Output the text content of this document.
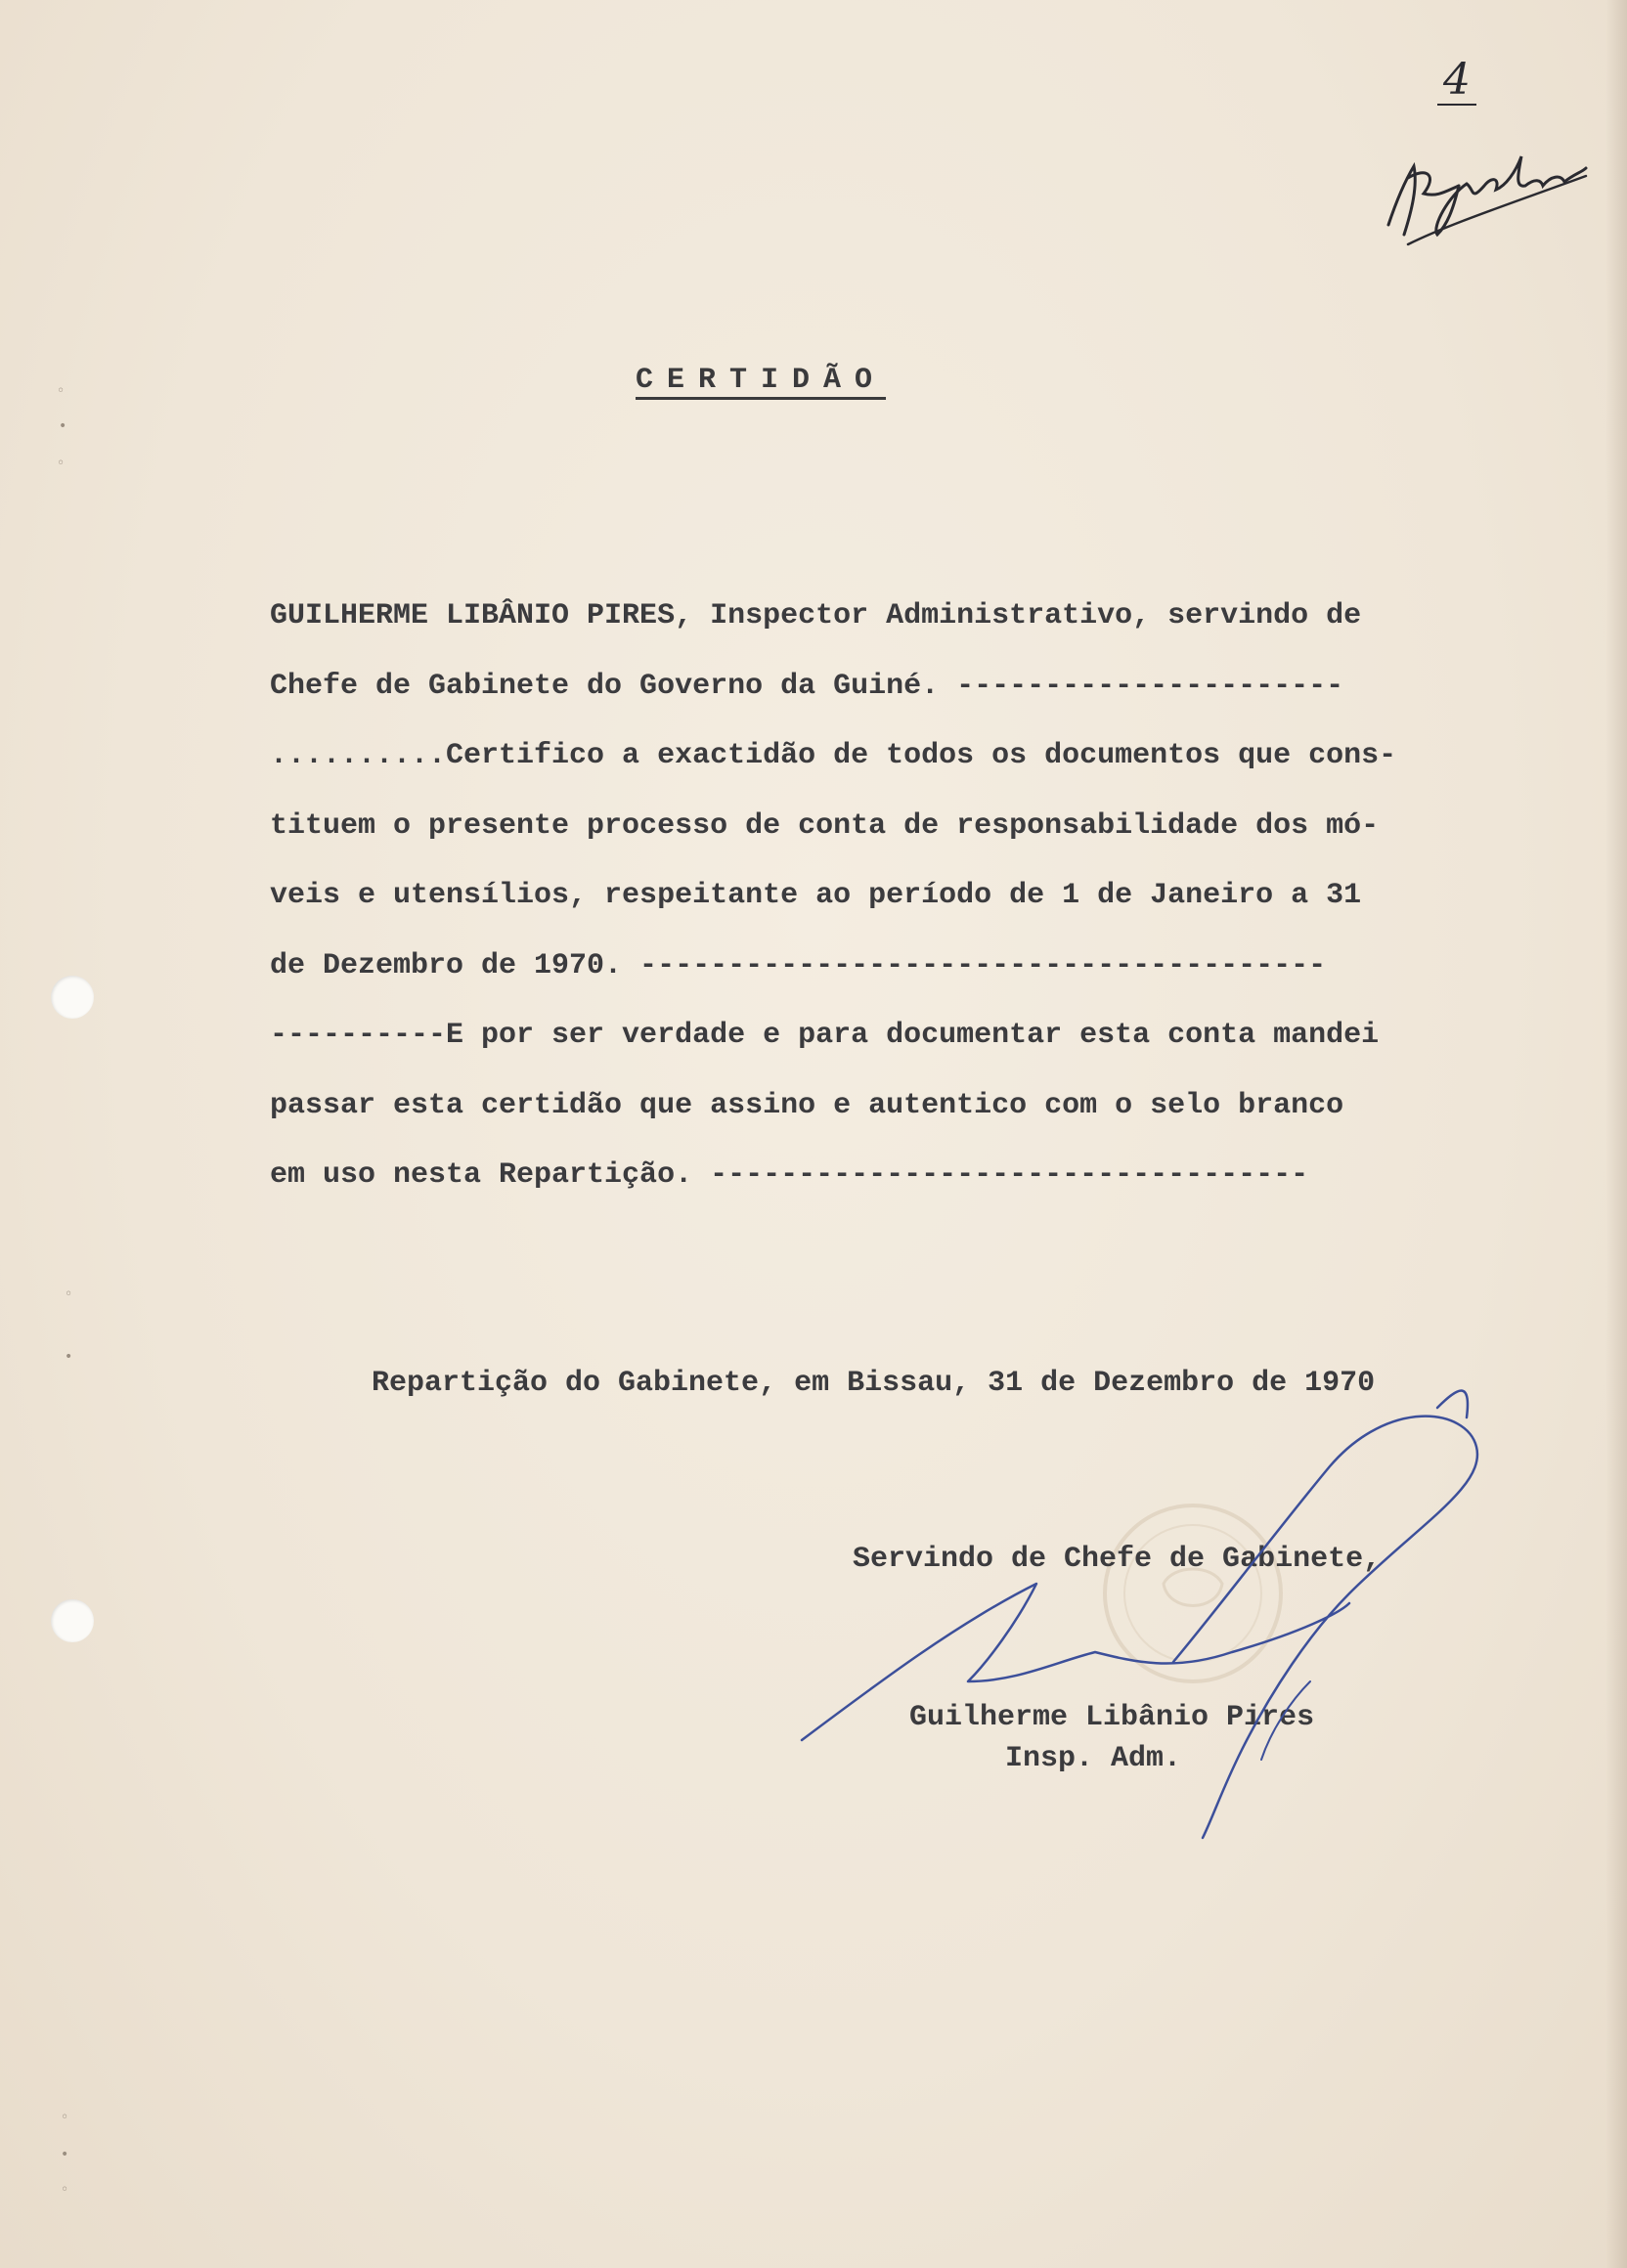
◦
•
◦
◦
•
◦
•
◦
4
CERTIDÃO
GUILHERME LIBÂNIO PIRES, Inspector Administrativo, servindo de
Chefe de Gabinete do Governo da Guiné. ----------------------
..........Certifico a exactidão de todos os documentos que cons-
tituem o presente processo de conta de responsabilidade dos mó-
veis e utensílios, respeitante ao período de 1 de Janeiro a 31
de Dezembro de 1970. ---------------------------------------
----------E por ser verdade e para documentar esta conta mandei
passar esta certidão que assino e autentico com o selo branco
em uso nesta Repartição. ----------------------------------
Repartição do Gabinete, em Bissau, 31 de Dezembro de 1970
Servindo de Chefe de Gabinete,
Guilherme Libânio Pires
Insp. Adm.
